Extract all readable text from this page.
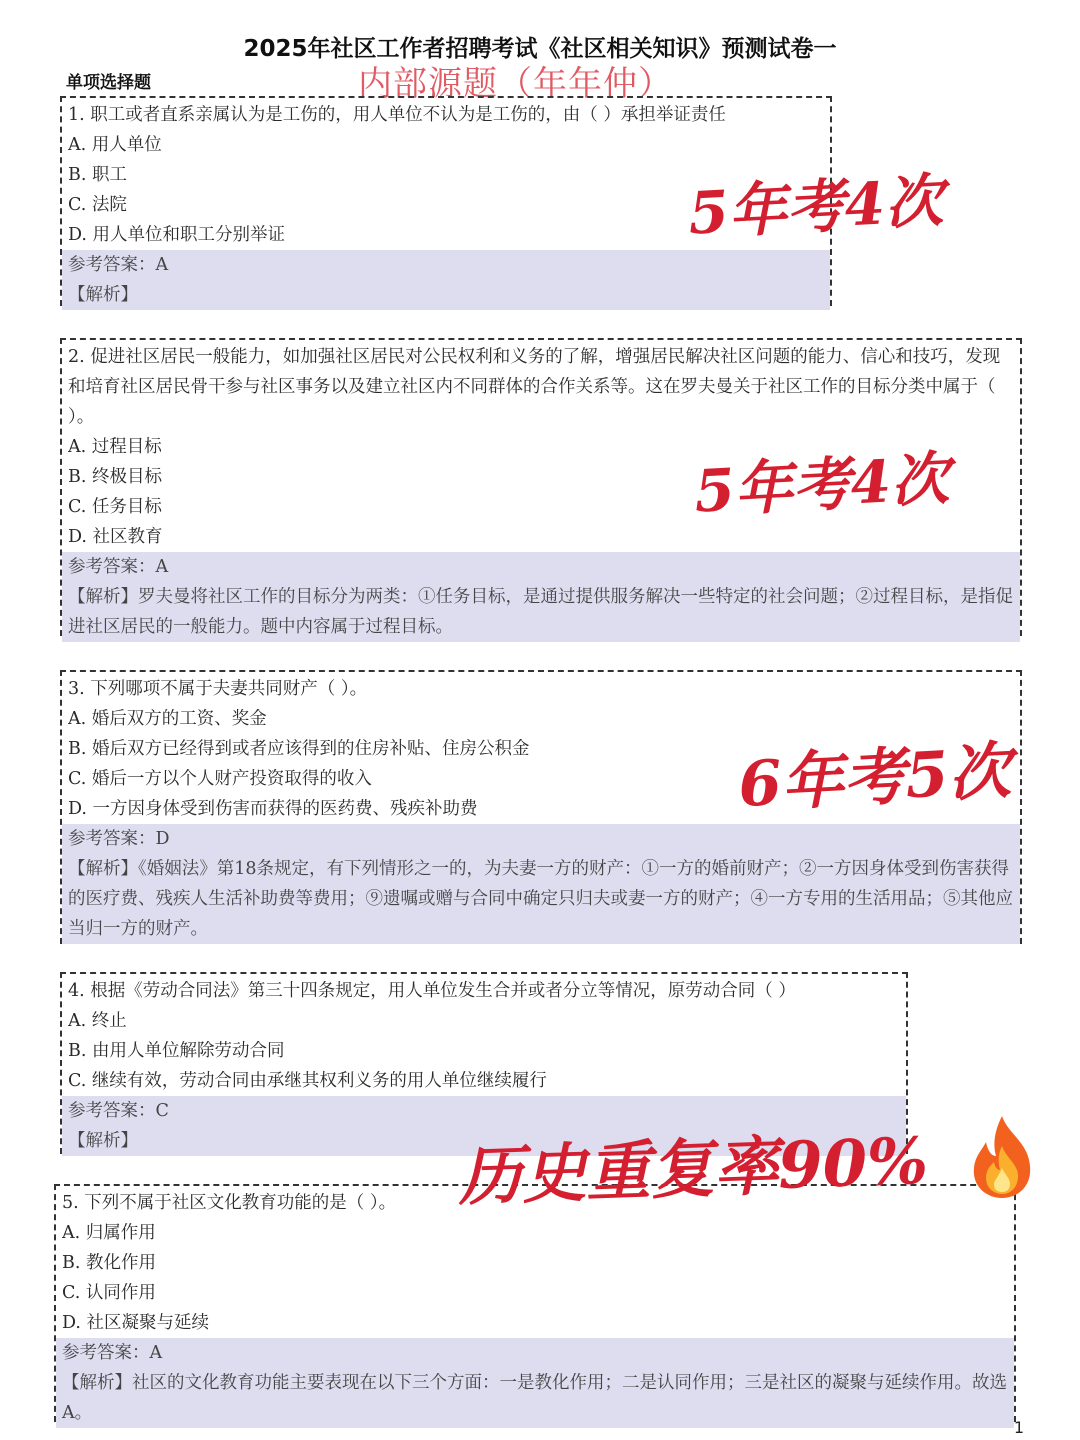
2025年社区工作者招聘考试《社区相关知识》预测试卷一
单项选择题	内部源题（年年仲）
1. 职工或者直系亲属认为是工伤的，用人单位不认为是工伤的，由（ ）承担举证责任
A. 用人单位
B. 职工
C. 法院
D. 用人单位和职工分别举证
参考答案：A
【解析】
2. 促进社区居民一般能力，如加强社区居民对公民权利和义务的了解，增强居民解决社区问题的能力、信心和技巧，发现和培育社区居民骨干参与社区事务以及建立社区内不同群体的合作关系等。这在罗夫曼关于社区工作的目标分类中属于（ ）。
A. 过程目标
B. 终极目标
C. 任务目标
D. 社区教育
参考答案：A
【解析】罗夫曼将社区工作的目标分为两类：①任务目标，是通过提供服务解决一些特定的社会问题；②过程目标，是指促进社区居民的一般能力。题中内容属于过程目标。
3. 下列哪项不属于夫妻共同财产（ ）。
A. 婚后双方的工资、奖金
B. 婚后双方已经得到或者应该得到的住房补贴、住房公积金
C. 婚后一方以个人财产投资取得的收入
D. 一方因身体受到伤害而获得的医药费、残疾补助费
参考答案：D
【解析】《婚姻法》第18条规定，有下列情形之一的，为夫妻一方的财产：①一方的婚前财产；②一方因身体受到伤害获得的医疗费、残疾人生活补助费等费用；⑨遗嘱或赠与合同中确定只归夫或妻一方的财产；④一方专用的生活用品；⑤其他应当归一方的财产。
4. 根据《劳动合同法》第三十四条规定，用人单位发生合并或者分立等情况，原劳动合同（ ）
A. 终止
B. 由用人单位解除劳动合同
C. 继续有效，劳动合同由承继其权利义务的用人单位继续履行
参考答案：C
【解析】
5. 下列不属于社区文化教育功能的是（ ）。
A. 归属作用
B. 教化作用
C. 认同作用
D. 社区凝聚与延续
参考答案：A
【解析】社区的文化教育功能主要表现在以下三个方面：一是教化作用；二是认同作用；三是社区的凝聚与延续作用。故选A。
5年考4次
5年考4次
6年考5次
历史重复率90%
1
